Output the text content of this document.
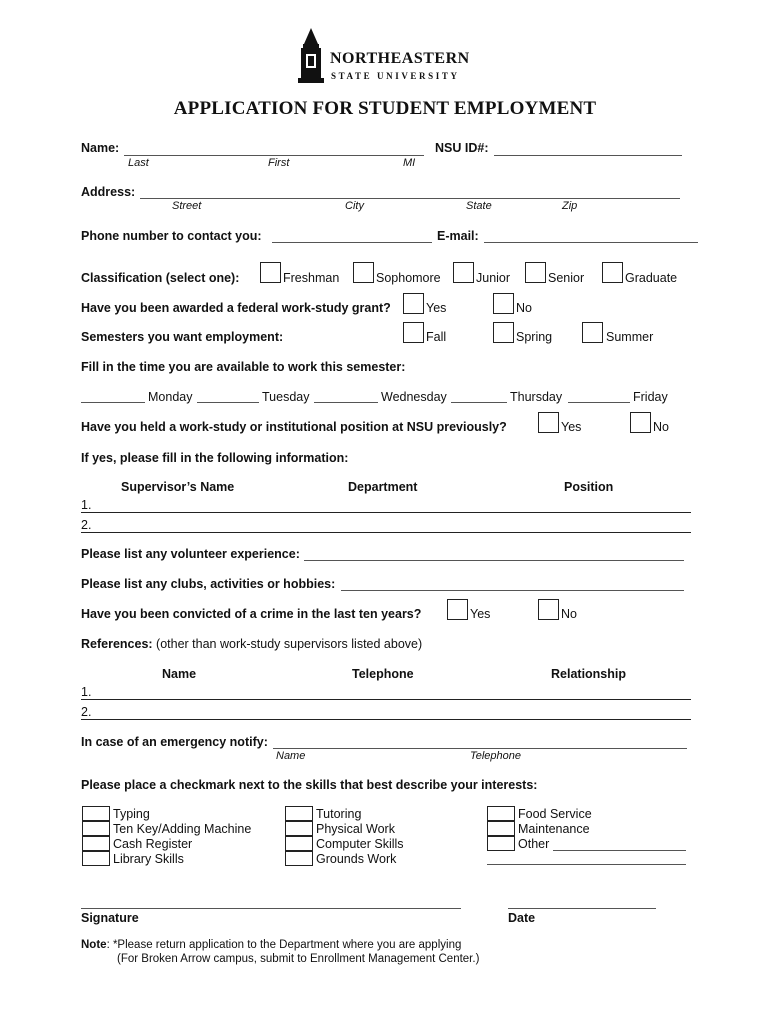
NORTHEASTERN
STATE UNIVERSITY
APPLICATION FOR STUDENT EMPLOYMENT
Name:
Last	First	MI
NSU ID#:
Address:
Street	City	State	Zip
Phone number to contact you:	E-mail:
Classification (select one):	Freshman	Sophomore	Junior	Senior	Graduate
Have you been awarded a federal work-study grant?	Yes	No
Semesters you want employment:	Fall	Spring	Summer
Fill in the time you are available to work this semester:
Monday	Tuesday	Wednesday	Thursday	Friday
Have you held a work-study or institutional position at NSU previously?	Yes	No
If yes, please fill in the following information:
Supervisor’s Name	Department	Position
1.
2.
Please list any volunteer experience:
Please list any clubs, activities or hobbies:
Have you been convicted of a crime in the last ten years?	Yes	No
References: (other than work-study supervisors listed above)
Name	Telephone	Relationship
1.
2.
In case of an emergency notify:
Name	Telephone
Please place a checkmark next to the skills that best describe your interests:
Typing
Ten Key/Adding Machine
Cash Register
Library Skills
Tutoring
Physical Work
Computer Skills
Grounds Work
Food Service
Maintenance
Other
Signature	Date
Note: *Please return application to the Department where you are applying
(For Broken Arrow campus, submit to Enrollment Management Center.)
